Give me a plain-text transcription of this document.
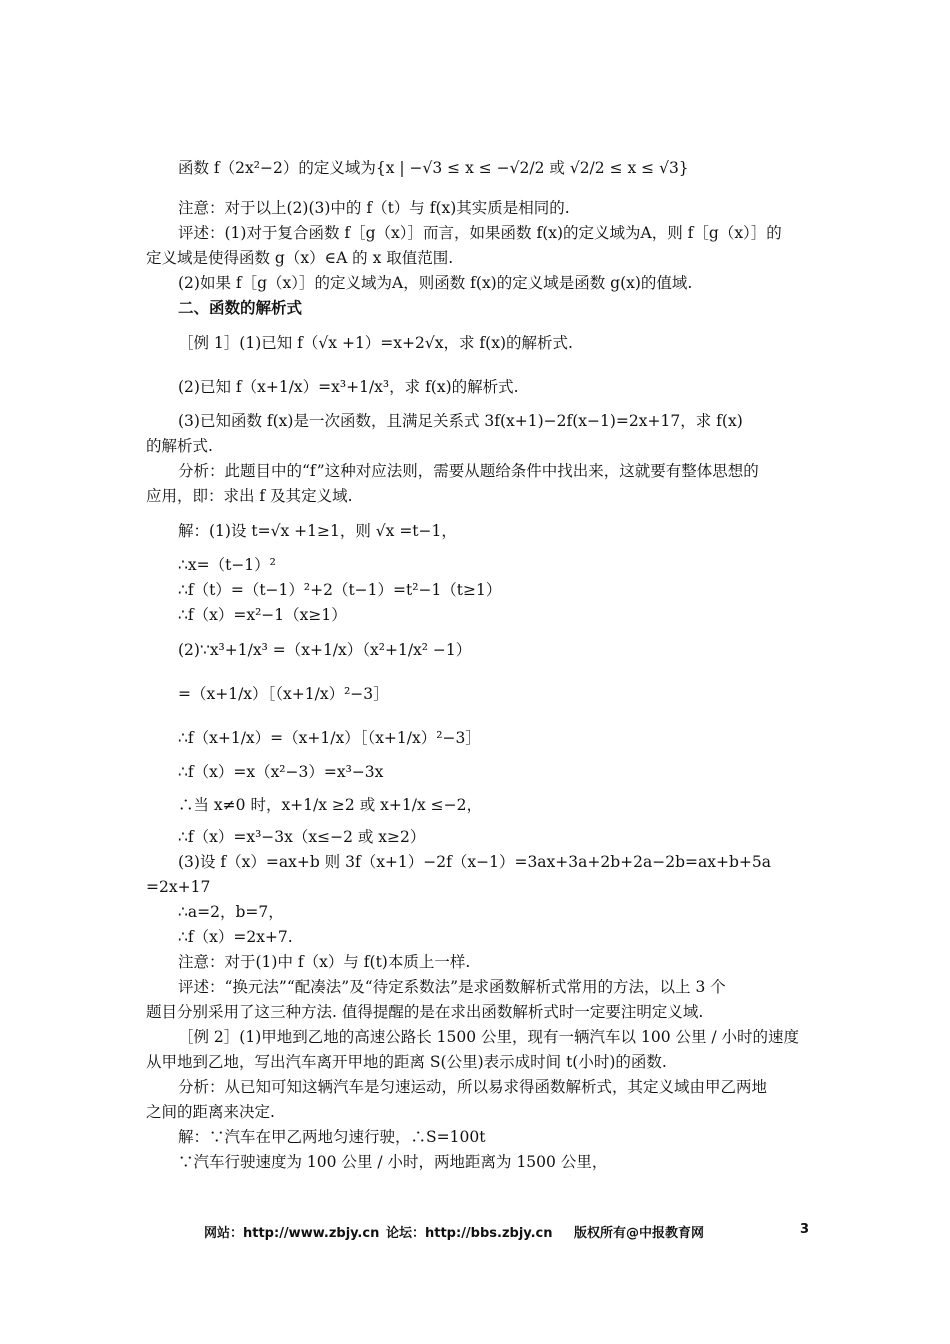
函数 f（2x²−2）的定义域为{x | −√3 ≤ x ≤ −√2/2 或 √2/2 ≤ x ≤ √3}
注意：对于以上(2)(3)中的 f（t）与 f(x)其实质是相同的.
评述：(1)对于复合函数 f［g（x）］而言，如果函数 f(x)的定义域为A，则 f［g（x）］的
定义域是使得函数 g（x）∈A 的 x 取值范围.
(2)如果 f［g（x）］的定义域为A，则函数 f(x)的定义域是函数 g(x)的值域.
二、函数的解析式
［例 1］(1)已知 f（√x +1）=x+2√x，求 f(x)的解析式.
(2)已知 f（x+1/x）=x³+1/x³，求 f(x)的解析式.
(3)已知函数 f(x)是一次函数，且满足关系式 3f(x+1)−2f(x−1)=2x+17，求 f(x)
的解析式.
分析：此题目中的“f”这种对应法则，需要从题给条件中找出来，这就要有整体思想的
应用，即：求出 f 及其定义域.
解：(1)设 t=√x +1≥1，则 √x =t−1，
∴x=（t−1）²
∴f（t）=（t−1）²+2（t−1）=t²−1（t≥1）
∴f（x）=x²−1（x≥1）
(2)∵x³+1/x³ =（x+1/x）（x²+1/x² −1）
=（x+1/x）［（x+1/x）²−3］
∴f（x+1/x）=（x+1/x）［（x+1/x）²−3］
∴f（x）=x（x²−3）=x³−3x
∴当 x≠0 时，x+1/x ≥2 或 x+1/x ≤−2，
∴f（x）=x³−3x（x≤−2 或 x≥2）
(3)设 f（x）=ax+b 则 3f（x+1）−2f（x−1）=3ax+3a+2b+2a−2b=ax+b+5a
=2x+17
∴a=2，b=7，
∴f（x）=2x+7.
注意：对于(1)中 f（x）与 f(t)本质上一样.
评述：“换元法”“配凑法”及“待定系数法”是求函数解析式常用的方法，以上 3 个
题目分别采用了这三种方法. 值得提醒的是在求出函数解析式时一定要注明定义域.
［例 2］(1)甲地到乙地的高速公路长 1500 公里，现有一辆汽车以 100 公里 / 小时的速度
从甲地到乙地，写出汽车离开甲地的距离 S(公里)表示成时间 t(小时)的函数.
分析：从已知可知这辆汽车是匀速运动，所以易求得函数解析式，其定义域由甲乙两地
之间的距离来决定.
解：∵汽车在甲乙两地匀速行驶，∴S=100t
∵汽车行驶速度为 100 公里 / 小时，两地距离为 1500 公里，
网站：http://www.zbjy.cn 论坛：http://bbs.zbjy.cn 版权所有@中报教育网	3
